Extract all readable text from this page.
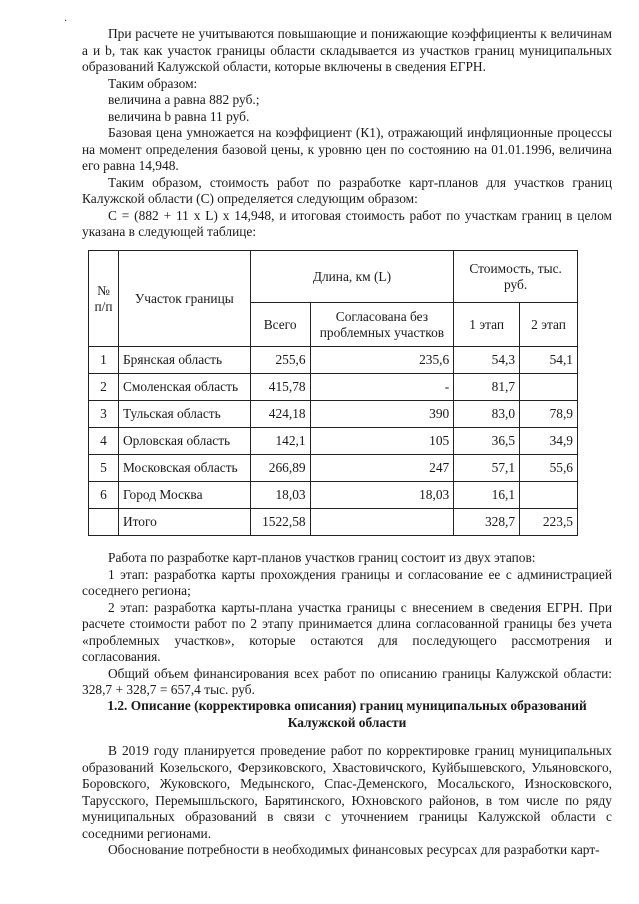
·

При расчете не учитываются повышающие и понижающие коэффициенты к величинам а и b, так как участок границы области складывается из участков границ муниципальных образований Калужской области, которые включены в сведения ЕГРН.

Таким образом:

величина а равна 882 руб.;

величина b равна 11 руб.

Базовая цена умножается на коэффициент (К1), отражающий инфляционные процессы на момент определения базовой цены, к уровню цен по состоянию на 01.01.1996, величина его равна 14,948.

Таким образом, стоимость работ по разработке карт-планов для участков границ Калужской области (С) определяется следующим образом:

С = (882 + 11 x L) x 14,948, и итоговая стоимость работ по участкам границ в целом указана в следующей таблице:

№ п/п	Участок границы	Длина, км (L)		Стоимость, тыс. руб.	
		Всего	Согласована без проблемных участков	1 этап	2 этап
1	Брянская область	255,6	235,6	54,3	54,1
2	Смоленская область	415,78	-	81,7	
3	Тульская область	424,18	390	83,0	78,9
4	Орловская область	142,1	105	36,5	34,9
5	Московская область	266,89	247	57,1	55,6
6	Город Москва	18,03	18,03	16,1	
	Итого	1522,58		328,7	223,5

Работа по разработке карт-планов участков границ состоит из двух этапов:

1 этап: разработка карты прохождения границы и согласование ее с администрацией соседнего региона;

2 этап: разработка карты-плана участка границы с внесением в сведения ЕГРН. При расчете стоимости работ по 2 этапу принимается длина согласованной границы без учета «проблемных участков», которые остаются для последующего рассмотрения и согласования.

Общий объем финансирования всех работ по описанию границы Калужской области: 328,7 + 328,7 = 657,4 тыс. руб.

1.2. Описание (корректировка описания) границ муниципальных образований
Калужской области

В 2019 году планируется проведение работ по корректировке границ муниципальных образований Козельского, Ферзиковского, Хвастовичского, Куйбышевского, Ульяновского, Боровского, Жуковского, Медынского, Спас-Деменского, Мосальского, Износковского, Тарусского, Перемышльского, Барятинского, Юхновского районов, в том числе по ряду муниципальных образований в связи с уточнением границы Калужской области с соседними регионами.

Обоснование потребности в необходимых финансовых ресурсах для разработки карт-
